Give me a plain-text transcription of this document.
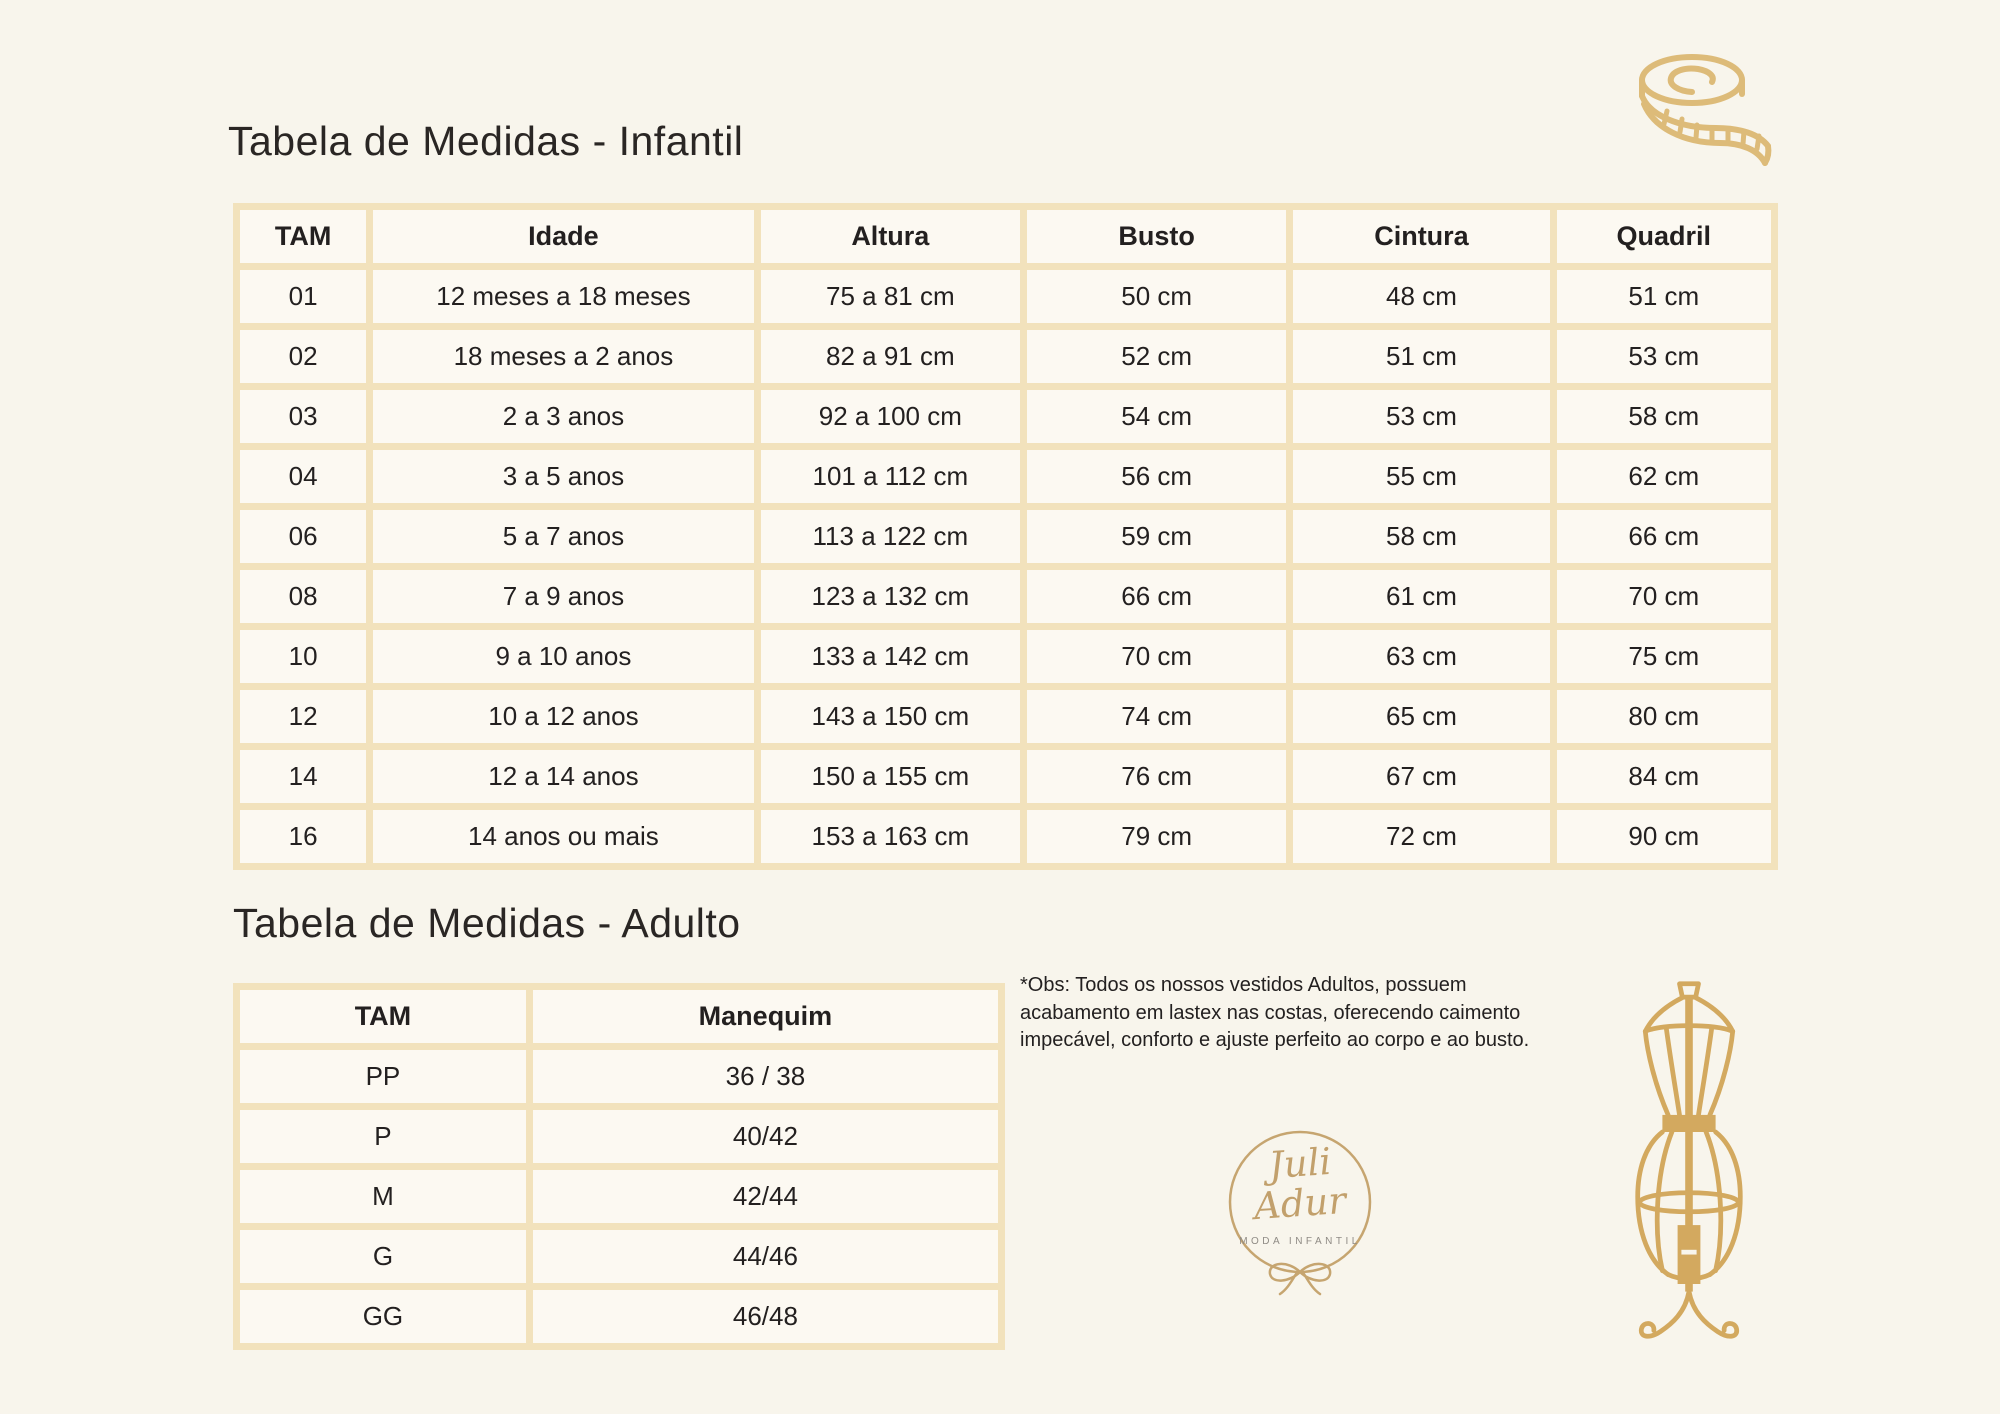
Tabela de Medidas - Infantil
Tabela de Medidas - Adulto
TAM	Idade	Altura	Busto	Cintura	Quadril
01	12 meses a 18 meses	75 a 81 cm	50 cm	48 cm	51 cm
02	18 meses a 2 anos	82 a 91 cm	52 cm	51 cm	53 cm
03	2 a 3 anos	92 a 100 cm	54 cm	53 cm	58 cm
04	3 a 5 anos	101 a 112 cm	56 cm	55 cm	62 cm
06	5 a 7 anos	113 a 122 cm	59 cm	58 cm	66 cm
08	7 a 9 anos	123 a 132 cm	66 cm	61 cm	70 cm
10	9 a 10 anos	133 a 142 cm	70 cm	63 cm	75 cm
12	10 a 12 anos	143 a 150 cm	74 cm	65 cm	80 cm
14	12 a 14 anos	150 a 155 cm	76 cm	67 cm	84 cm
16	14 anos ou mais	153 a 163 cm	79 cm	72 cm	90 cm
TAM	Manequim
PP	36 / 38
P	40/42
M	42/44
G	44/46
GG	46/48
*Obs: Todos os nossos vestidos Adultos, possuem
acabamento em lastex nas costas, oferecendo caimento
impecável, conforto e ajuste perfeito ao corpo e ao busto.
Juli
Adur
MODA INFANTIL
